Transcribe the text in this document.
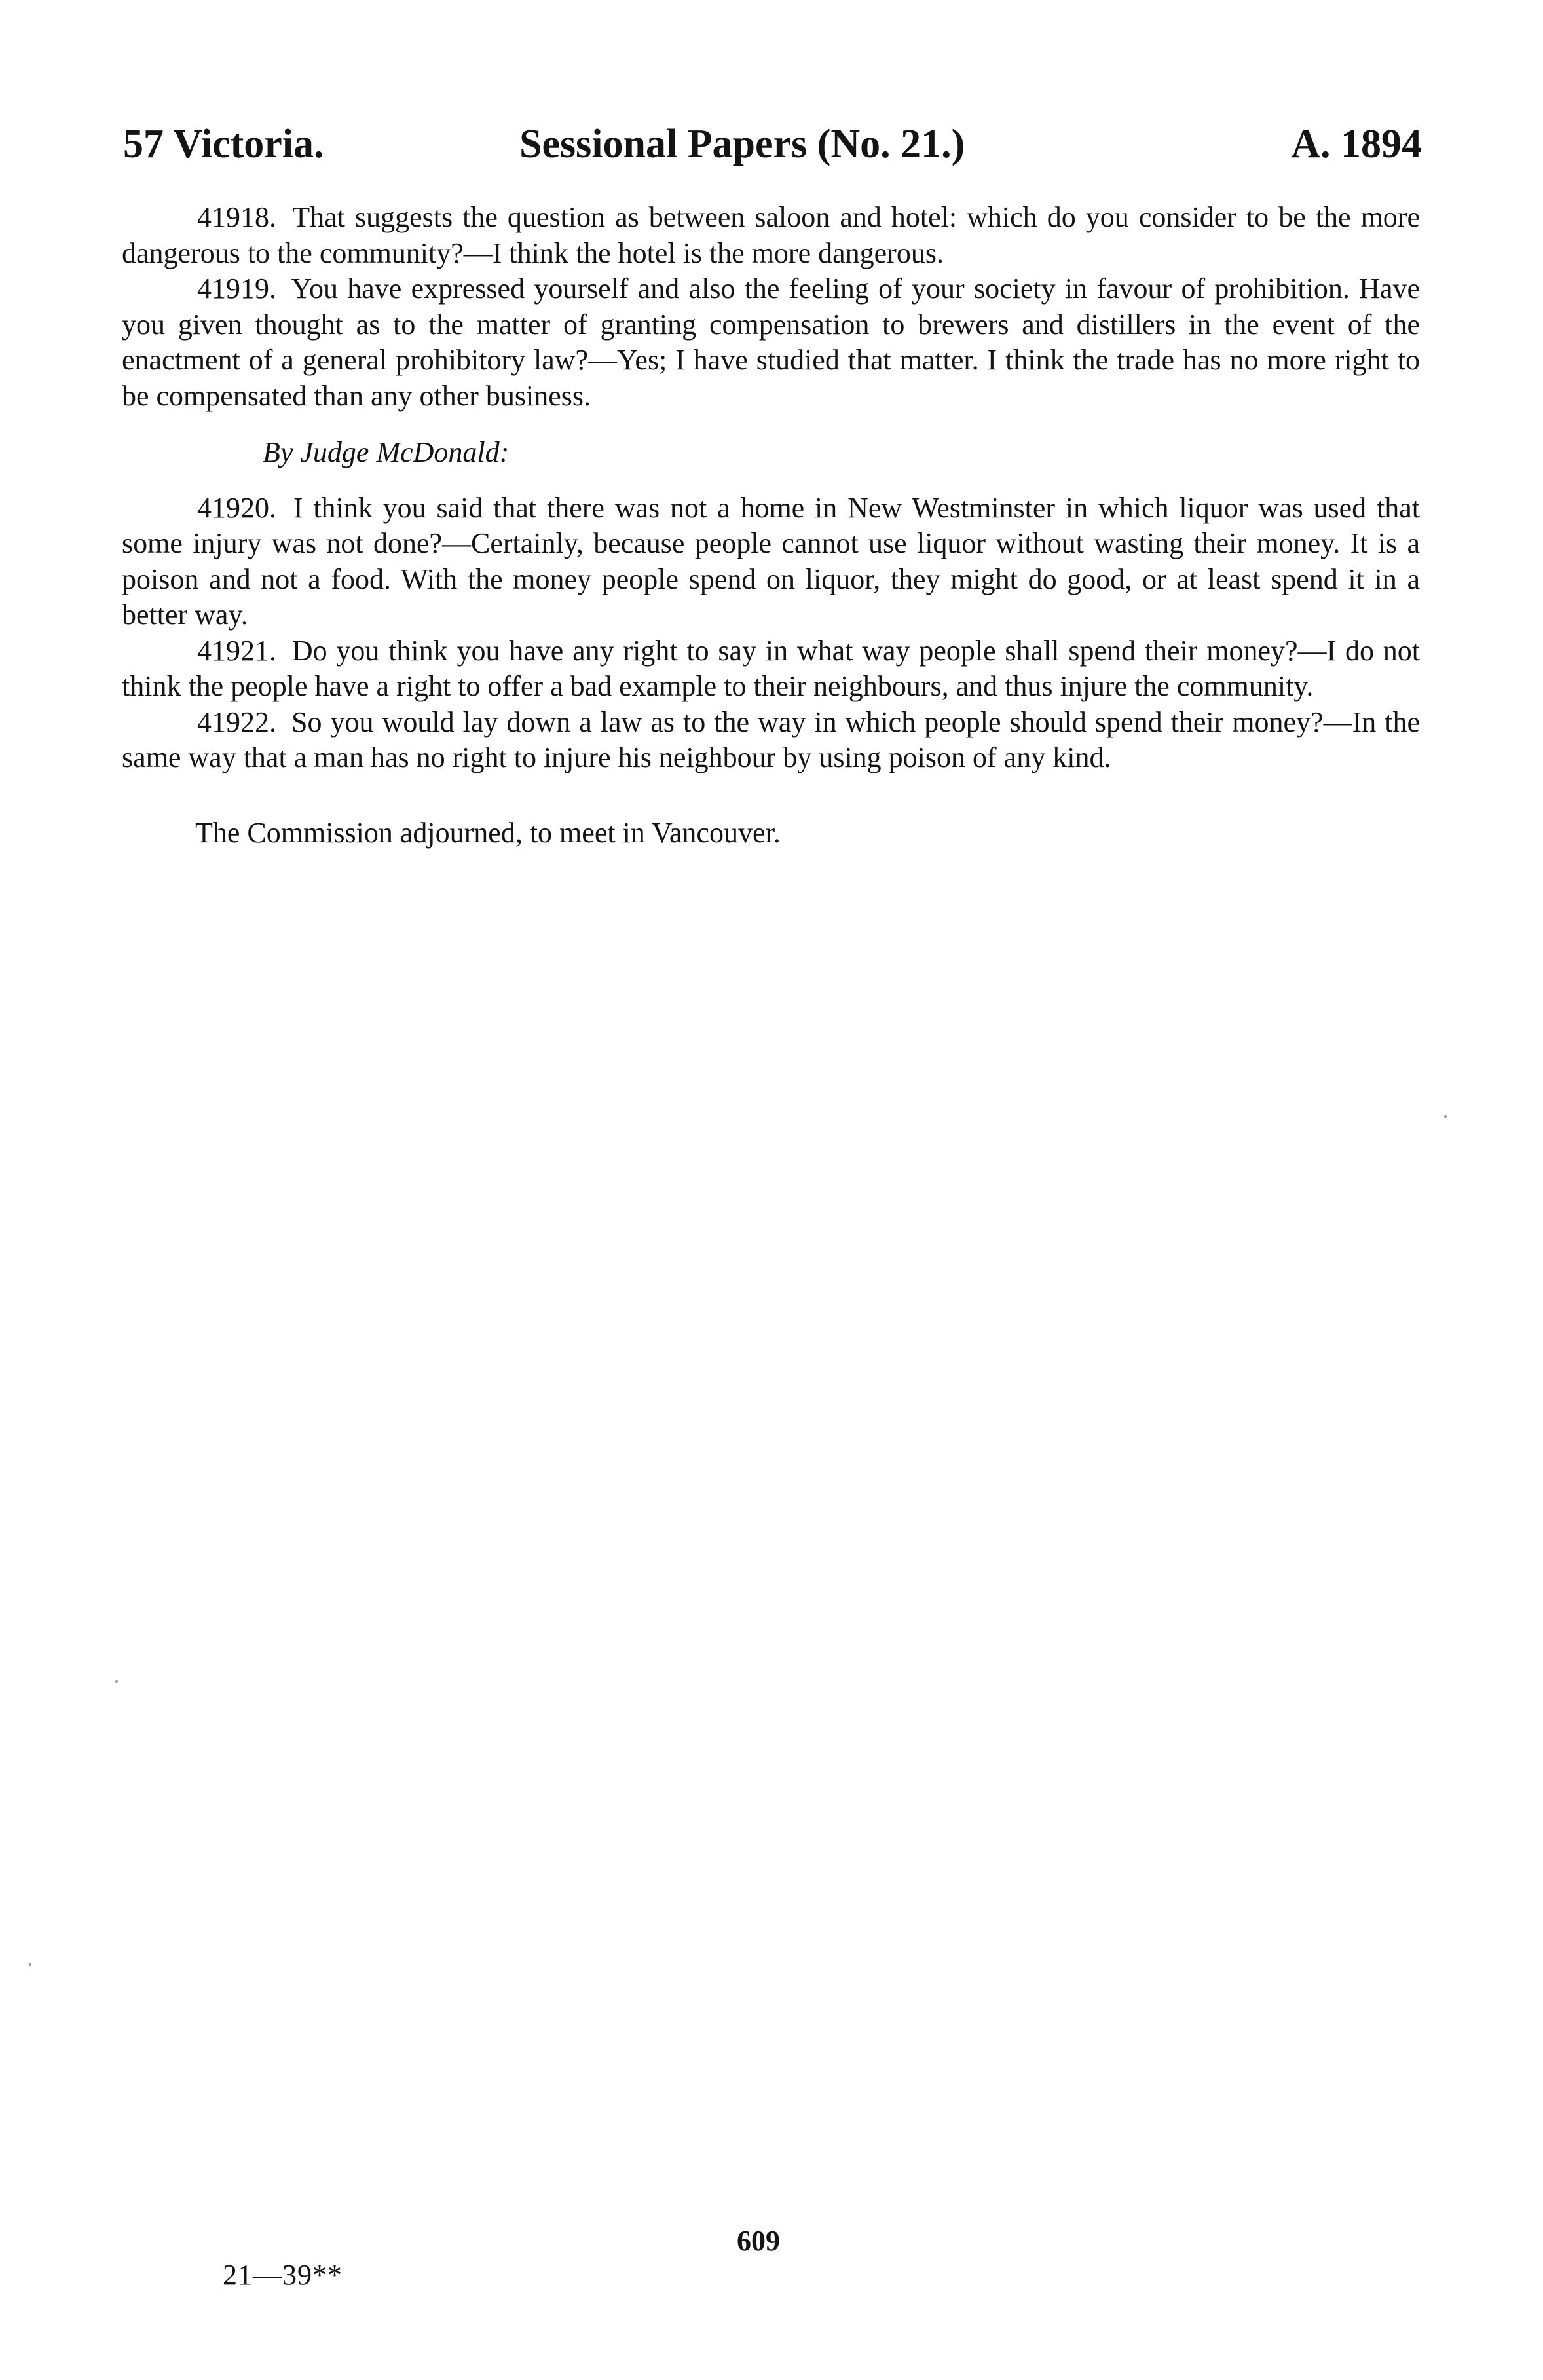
57 Victoria.	Sessional Papers (No. 21.)	A. 1894

41918. That suggests the question as between saloon and hotel: which do you consider to be the more dangerous to the community?—I think the hotel is the more dangerous.

41919. You have expressed yourself and also the feeling of your society in favour of prohibition. Have you given thought as to the matter of granting compensation to brewers and distillers in the event of the enactment of a general prohibitory law?—Yes; I have studied that matter. I think the trade has no more right to be compensated than any other business.

By Judge McDonald:

41920. I think you said that there was not a home in New Westminster in which liquor was used that some injury was not done?—Certainly, because people cannot use liquor without wasting their money. It is a poison and not a food. With the money people spend on liquor, they might do good, or at least spend it in a better way.

41921. Do you think you have any right to say in what way people shall spend their money?—I do not think the people have a right to offer a bad example to their neighbours, and thus injure the community.

41922. So you would lay down a law as to the way in which people should spend their money?—In the same way that a man has no right to injure his neighbour by using poison of any kind.

The Commission adjourned, to meet in Vancouver.

609
21—39**
